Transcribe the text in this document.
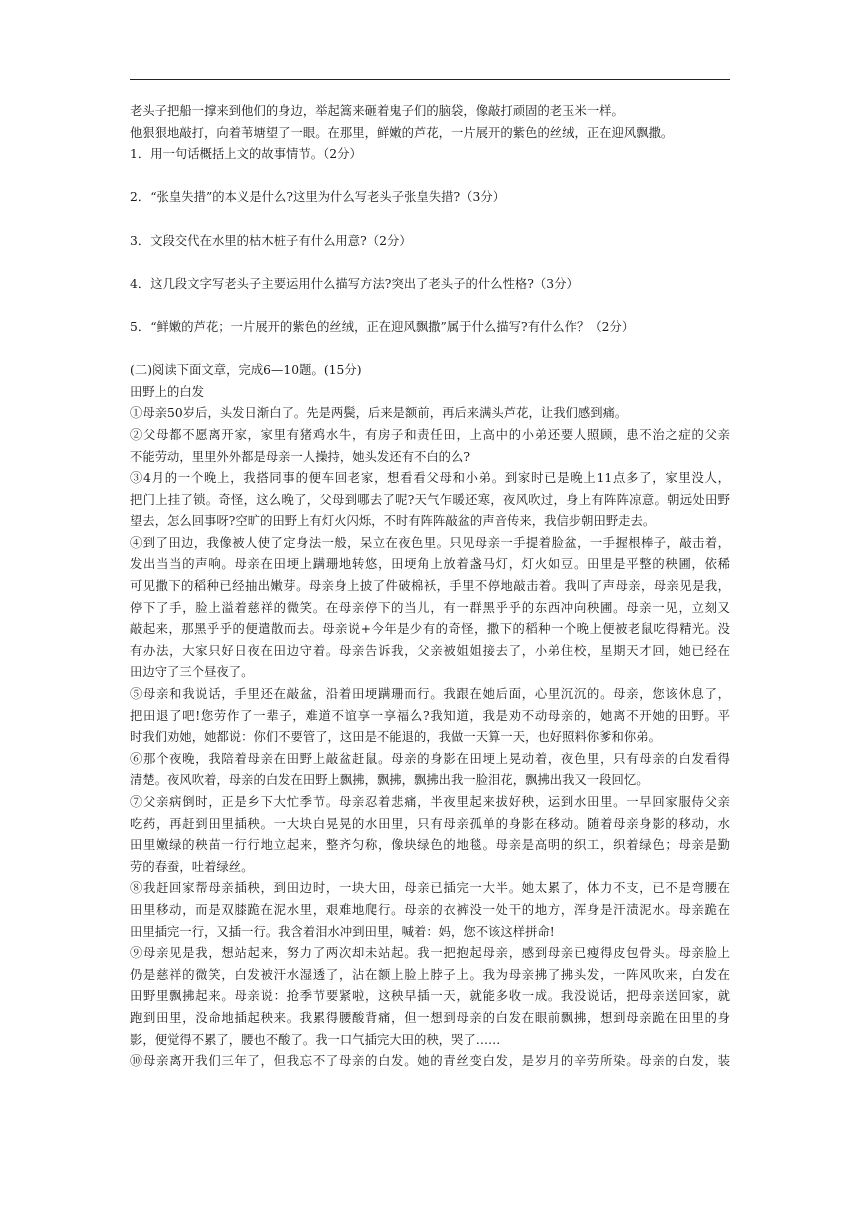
老头子把船一撑来到他们的身边，举起篙来砸着鬼子们的脑袋，像敲打顽固的老玉米一样。
他狠狠地敲打，向着苇塘望了一眼。在那里，鲜嫩的芦花，一片展开的紫色的丝绒，正在迎风飘撒。
1．用一句话概括上文的故事情节。（2分）
2．“张皇失措”的本义是什么?这里为什么写老头子张皇失措?（3分）
3．文段交代在水里的枯木桩子有什么用意?（2分）
4．这几段文字写老头子主要运用什么描写方法?突出了老头子的什么性格?（3分）
5．“鲜嫩的芦花；一片展开的紫色的丝绒，正在迎风飘撒”属于什么描写?有什么作？（2分）
(二)阅读下面文章，完成6—10题。(15分)
田野上的白发
①母亲50岁后，头发日渐白了。先是两鬓，后来是额前，再后来满头芦花，让我们感到痛。
②父母都不愿离开家，家里有猪鸡水牛，有房子和责任田，上高中的小弟还要人照顾，患不治之症的父亲
不能劳动，里里外外都是母亲一人操持，她头发还有不白的么?
③4月的一个晚上，我搭同事的便车回老家，想看看父母和小弟。到家时已是晚上11点多了，家里没人，
把门上挂了锁。奇怪，这么晚了，父母到哪去了呢?天气乍暖还寒，夜风吹过，身上有阵阵凉意。朝远处田野
望去，怎么回事呀?空旷的田野上有灯火闪烁，不时有阵阵敲盆的声音传来，我信步朝田野走去。
④到了田边，我像被人使了定身法一般，呆立在夜色里。只见母亲一手提着脸盆，一手握根棒子，敲击着，
发出当当的声响。母亲在田埂上蹒珊地转悠，田埂角上放着盏马灯，灯火如豆。田里是平整的秧圃，依稀
可见撒下的稻种已经抽出嫩芽。母亲身上披了件破棉袄，手里不停地敲击着。我叫了声母亲，母亲见是我，
停下了手，脸上溢着慈祥的微笑。在母亲停下的当儿，有一群黑乎乎的东西冲向秧圃。母亲一见，立刻又
敲起来，那黑乎乎的便遣散而去。母亲说+今年是少有的奇怪，撒下的稻种一个晚上便被老鼠吃得精光。没
有办法，大家只好日夜在田边守着。母亲告诉我，父亲被姐姐接去了，小弟住校，星期天才回，她已经在
田边守了三个昼夜了。
⑤母亲和我说话，手里还在敲盆，沿着田埂蹒珊而行。我跟在她后面，心里沉沉的。母亲，您该休息了，
把田退了吧!您劳作了一辈子，难道不谊享一享福么?我知道，我是劝不动母亲的，她离不开她的田野。平
时我们劝她，她都说：你们不要管了，这田是不能退的，我做一天算一天，也好照料你爹和你弟。
⑥那个夜晚，我陪着母亲在田野上敲盆赶鼠。母亲的身影在田埂上晃动着，夜色里，只有母亲的白发看得
清楚。夜风吹着，母亲的白发在田野上飘拂，飘拂，飘拂出我一脸泪花，飘拂出我又一段回忆。
⑦父亲病倒时，正是乡下大忙季节。母亲忍着悲痛，半夜里起来拔好秧，运到水田里。一早回家服侍父亲
吃药，再赶到田里插秧。一大块白晃晃的水田里，只有母亲孤单的身影在移动。随着母亲身影的移动，水
田里嫩绿的秧苗一行行地立起来，整齐匀称，像块绿色的地毯。母亲是高明的织工，织着绿色；母亲是勤
劳的春蚕，吐着绿丝。
⑧我赶回家帮母亲插秧，到田边时，一块大田，母亲已插完一大半。她太累了，体力不支，已不是弯腰在
田里移动，而是双膝跪在泥水里，艰难地爬行。母亲的衣裤没一处干的地方，浑身是汗渍泥水。母亲跪在
田里插完一行，又插一行。我含着泪水冲到田里，喊着：妈，您不该这样拼命!
⑨母亲见是我，想站起来，努力了两次却未站起。我一把抱起母亲，感到母亲已瘦得皮包骨头。母亲脸上
仍是慈祥的微笑，白发被汗水湿透了，沾在额上脸上脖子上。我为母亲拂了拂头发，一阵风吹来，白发在
田野里飘拂起来。母亲说：抢季节要紧啦，这秧早插一天，就能多收一成。我没说话，把母亲送回家，就
跑到田里，没命地插起秧来。我累得腰酸背痛，但一想到母亲的白发在眼前飘拂，想到母亲跪在田里的身
影，便觉得不累了，腰也不酸了。我一口气插完大田的秧，哭了……
⑩母亲离开我们三年了，但我忘不了母亲的白发。她的青丝变白发，是岁月的辛劳所染。母亲的白发，装
